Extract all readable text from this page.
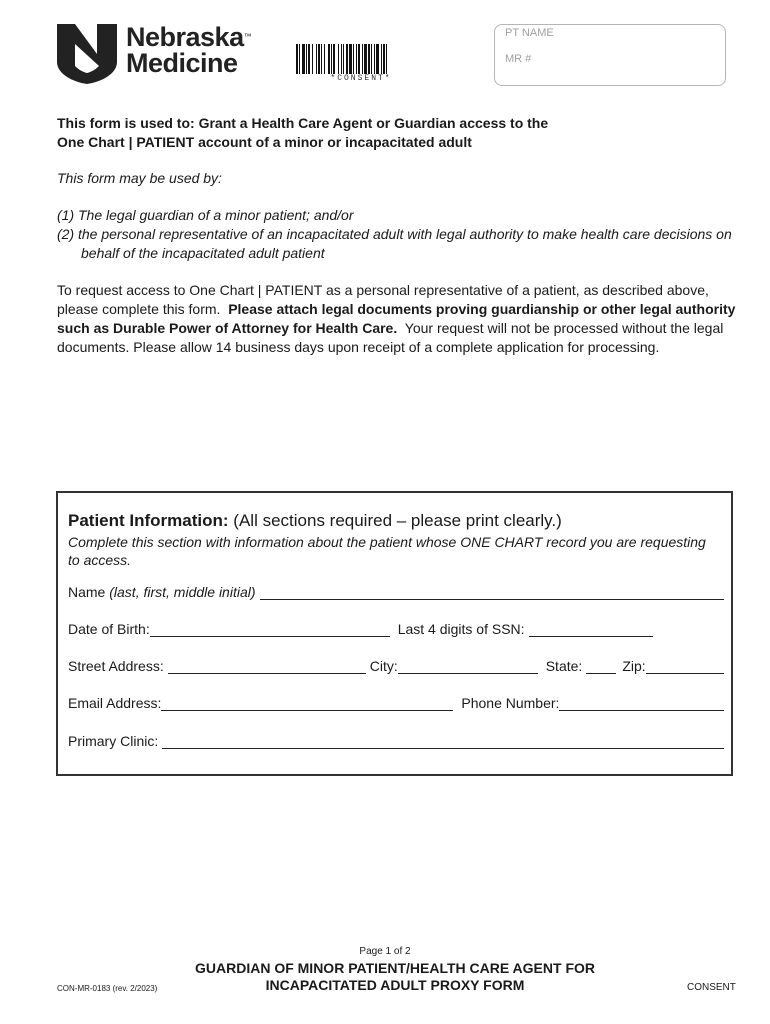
Nebraska™
Medicine
*CONSENT*
PT NAME
MR #
This form is used to: Grant a Health Care Agent or Guardian access to the
One Chart | PATIENT account of a minor or incapacitated adult
This form may be used by:
(1) The legal guardian of a minor patient; and/or
(2) the personal representative of an incapacitated adult with legal authority to make health care decisions on behalf of the incapacitated adult patient
To request access to One Chart | PATIENT as a personal representative of a patient, as described above, please complete this form. Please attach legal documents proving guardianship or other legal authority such as Durable Power of Attorney for Health Care. Your request will not be processed without the legal documents. Please allow 14 business days upon receipt of a complete application for processing.
Patient Information: (All sections required – please print clearly.)
Complete this section with information about the patient whose ONE CHART record you are requesting to access.
Name
(last, first, middle initial)
Date of Birth:	Last 4 digits of SSN:
Street Address:	City:	State:	Zip:
Email Address:	Phone Number:
Primary Clinic:
Page 1 of 2
GUARDIAN OF MINOR PATIENT/HEALTH CARE AGENT FOR
INCAPACITATED ADULT PROXY FORM
CON-MR-0183 (rev. 2/2023)	CONSENT
